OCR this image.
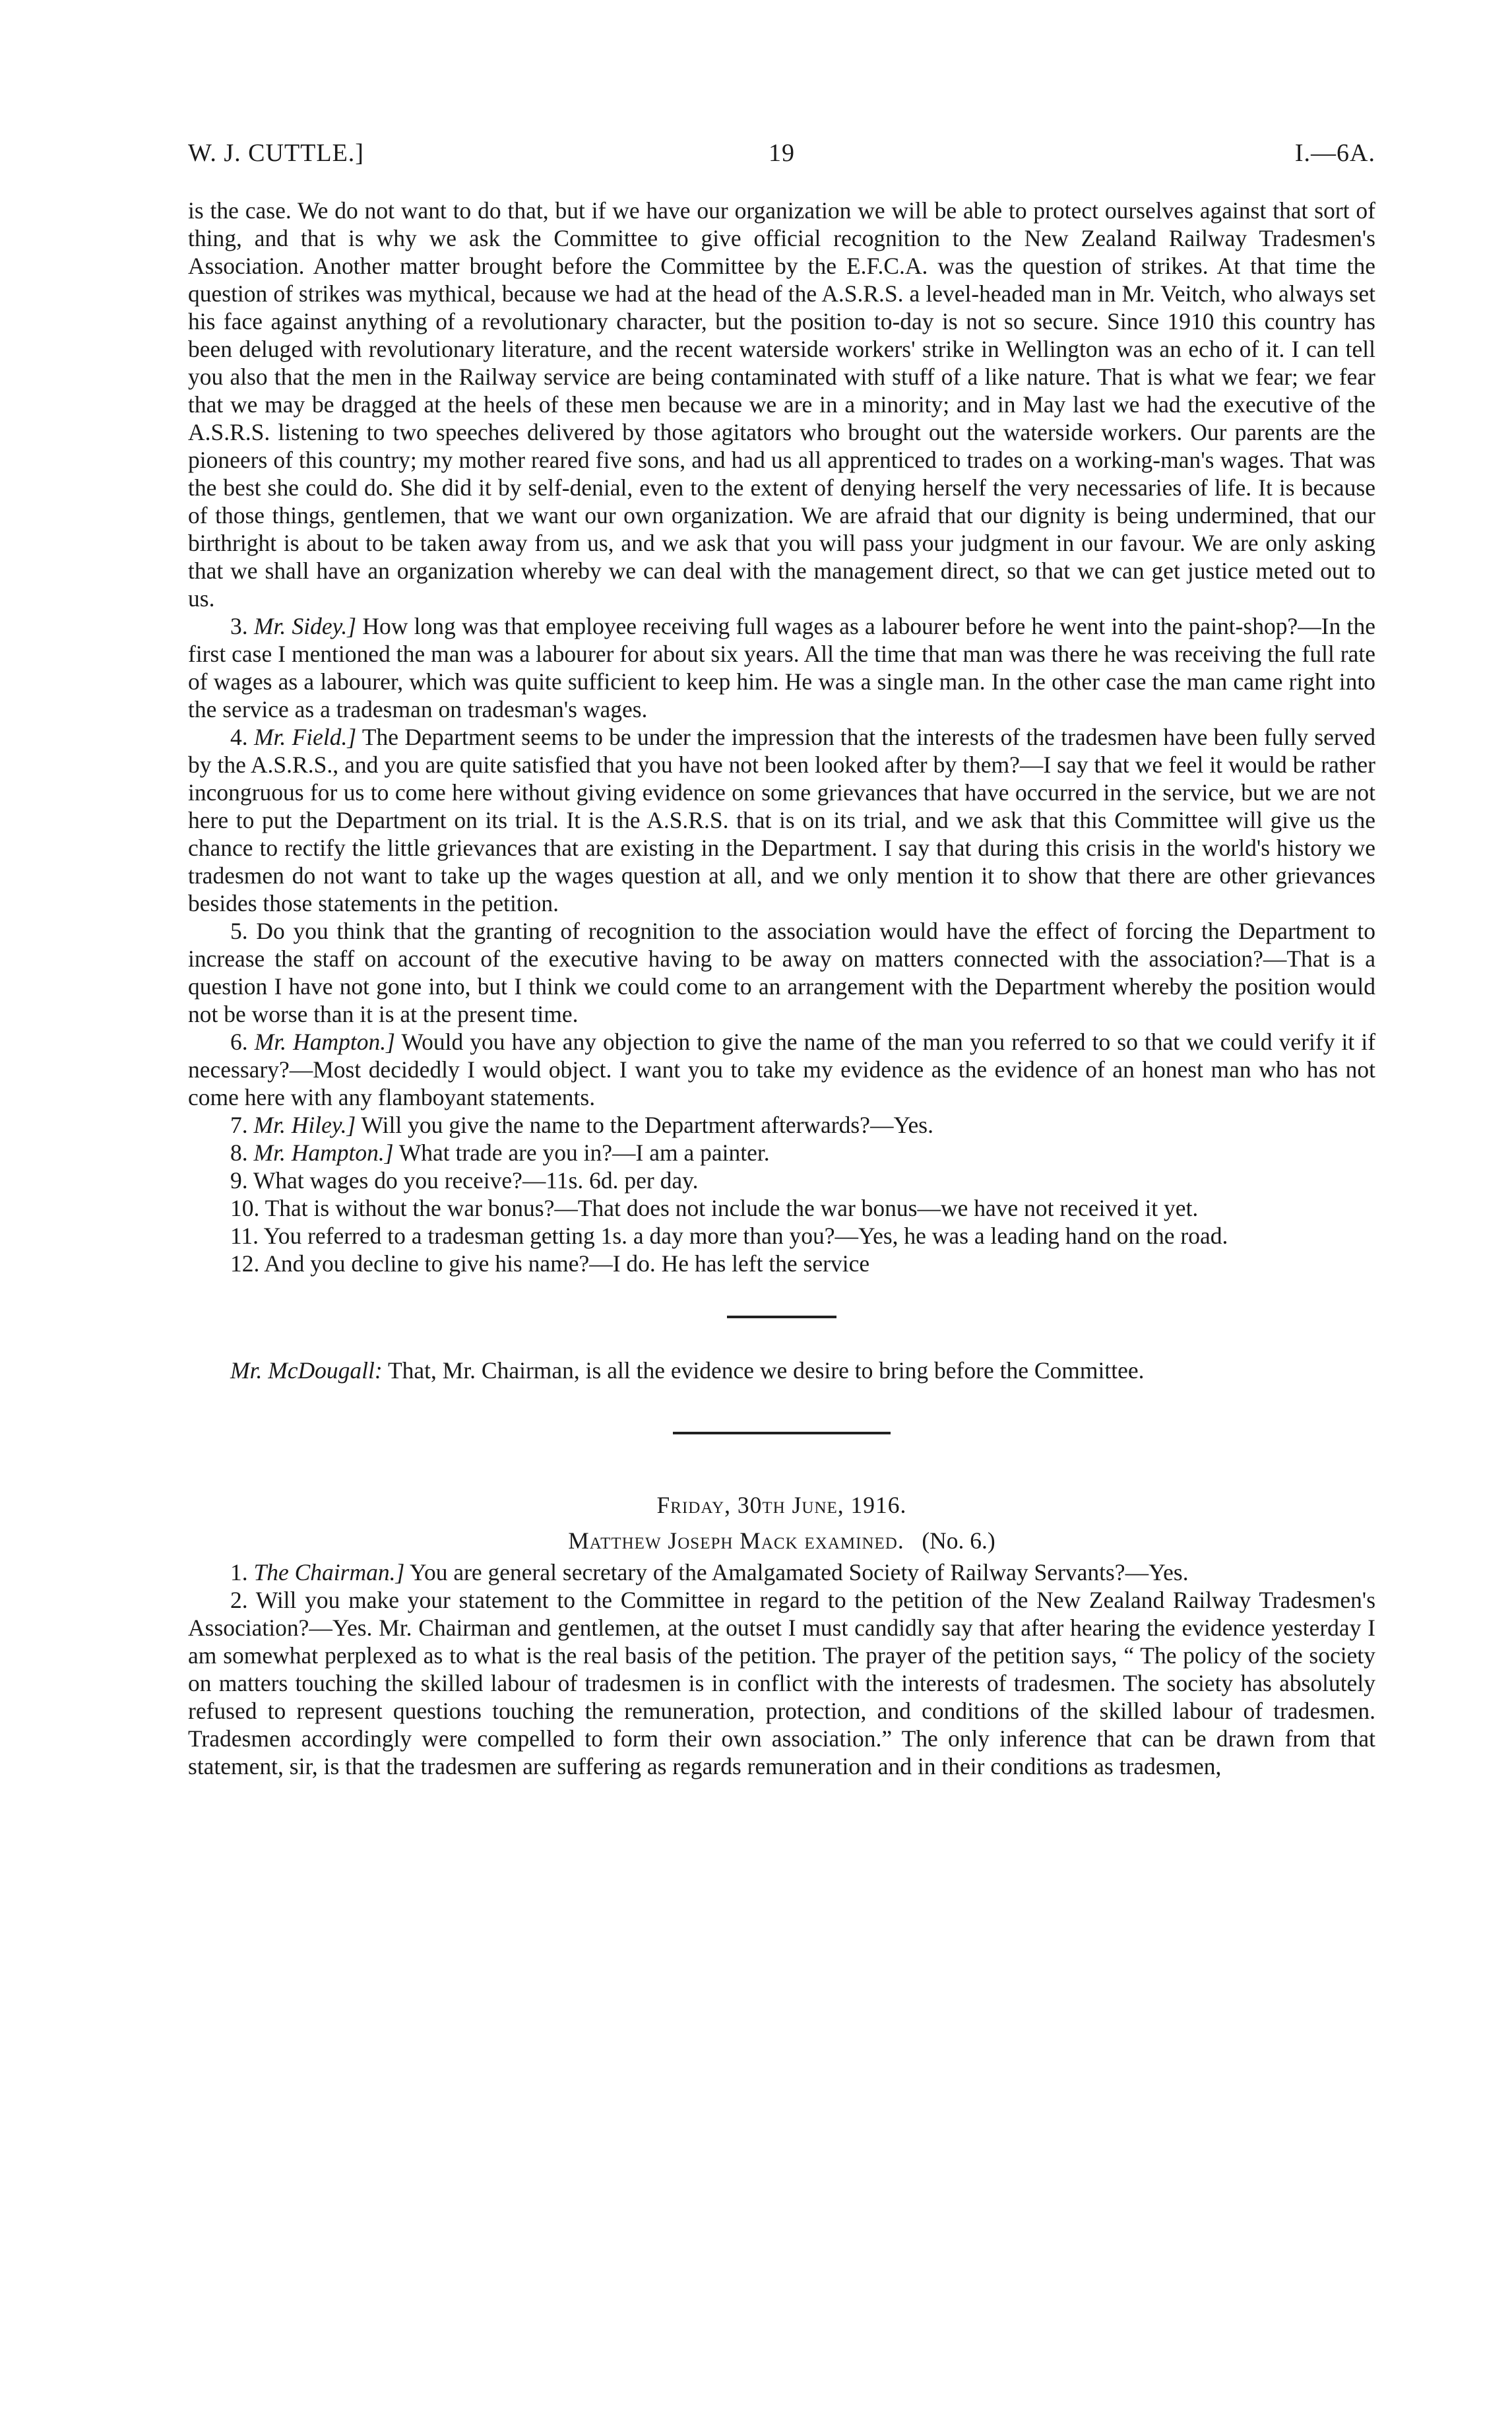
W. J. CUTTLE.]	19	I.—6A.

is the case. We do not want to do that, but if we have our organization we will be able to protect ourselves against that sort of thing, and that is why we ask the Committee to give official recognition to the New Zealand Railway Tradesmen's Association. Another matter brought before the Committee by the E.F.C.A. was the question of strikes. At that time the question of strikes was mythical, because we had at the head of the A.S.R.S. a level-headed man in Mr. Veitch, who always set his face against anything of a revolutionary character, but the position to-day is not so secure. Since 1910 this country has been deluged with revolutionary literature, and the recent waterside workers' strike in Wellington was an echo of it. I can tell you also that the men in the Railway service are being contaminated with stuff of a like nature. That is what we fear; we fear that we may be dragged at the heels of these men because we are in a minority; and in May last we had the executive of the A.S.R.S. listening to two speeches delivered by those agitators who brought out the waterside workers. Our parents are the pioneers of this country; my mother reared five sons, and had us all apprenticed to trades on a working-man's wages. That was the best she could do. She did it by self-denial, even to the extent of denying herself the very necessaries of life. It is because of those things, gentlemen, that we want our own organization. We are afraid that our dignity is being undermined, that our birthright is about to be taken away from us, and we ask that you will pass your judgment in our favour. We are only asking that we shall have an organization whereby we can deal with the management direct, so that we can get justice meted out to us.

3. Mr. Sidey.] How long was that employee receiving full wages as a labourer before he went into the paint-shop?—In the first case I mentioned the man was a labourer for about six years. All the time that man was there he was receiving the full rate of wages as a labourer, which was quite sufficient to keep him. He was a single man. In the other case the man came right into the service as a tradesman on tradesman's wages.

4. Mr. Field.] The Department seems to be under the impression that the interests of the tradesmen have been fully served by the A.S.R.S., and you are quite satisfied that you have not been looked after by them?—I say that we feel it would be rather incongruous for us to come here without giving evidence on some grievances that have occurred in the service, but we are not here to put the Department on its trial. It is the A.S.R.S. that is on its trial, and we ask that this Committee will give us the chance to rectify the little grievances that are existing in the Department. I say that during this crisis in the world's history we tradesmen do not want to take up the wages question at all, and we only mention it to show that there are other grievances besides those statements in the petition.

5. Do you think that the granting of recognition to the association would have the effect of forcing the Department to increase the staff on account of the executive having to be away on matters connected with the association?—That is a question I have not gone into, but I think we could come to an arrangement with the Department whereby the position would not be worse than it is at the present time.

6. Mr. Hampton.] Would you have any objection to give the name of the man you referred to so that we could verify it if necessary?—Most decidedly I would object. I want you to take my evidence as the evidence of an honest man who has not come here with any flamboyant statements.

7. Mr. Hiley.] Will you give the name to the Department afterwards?—Yes.

8. Mr. Hampton.] What trade are you in?—I am a painter.

9. What wages do you receive?—11s. 6d. per day.

10. That is without the war bonus?—That does not include the war bonus—we have not received it yet.

11. You referred to a tradesman getting 1s. a day more than you?—Yes, he was a leading hand on the road.

12. And you decline to give his name?—I do. He has left the service

Mr. McDougall: That, Mr. Chairman, is all the evidence we desire to bring before the Committee.

Friday, 30th June, 1916.

Matthew Joseph Mack examined. (No. 6.)

1. The Chairman.] You are general secretary of the Amalgamated Society of Railway Servants?—Yes.

2. Will you make your statement to the Committee in regard to the petition of the New Zealand Railway Tradesmen's Association?—Yes. Mr. Chairman and gentlemen, at the outset I must candidly say that after hearing the evidence yesterday I am somewhat perplexed as to what is the real basis of the petition. The prayer of the petition says, “ The policy of the society on matters touching the skilled labour of tradesmen is in conflict with the interests of tradesmen. The society has absolutely refused to represent questions touching the remuneration, protection, and conditions of the skilled labour of tradesmen. Tradesmen accordingly were compelled to form their own association.” The only inference that can be drawn from that statement, sir, is that the tradesmen are suffering as regards remuneration and in their conditions as tradesmen,
